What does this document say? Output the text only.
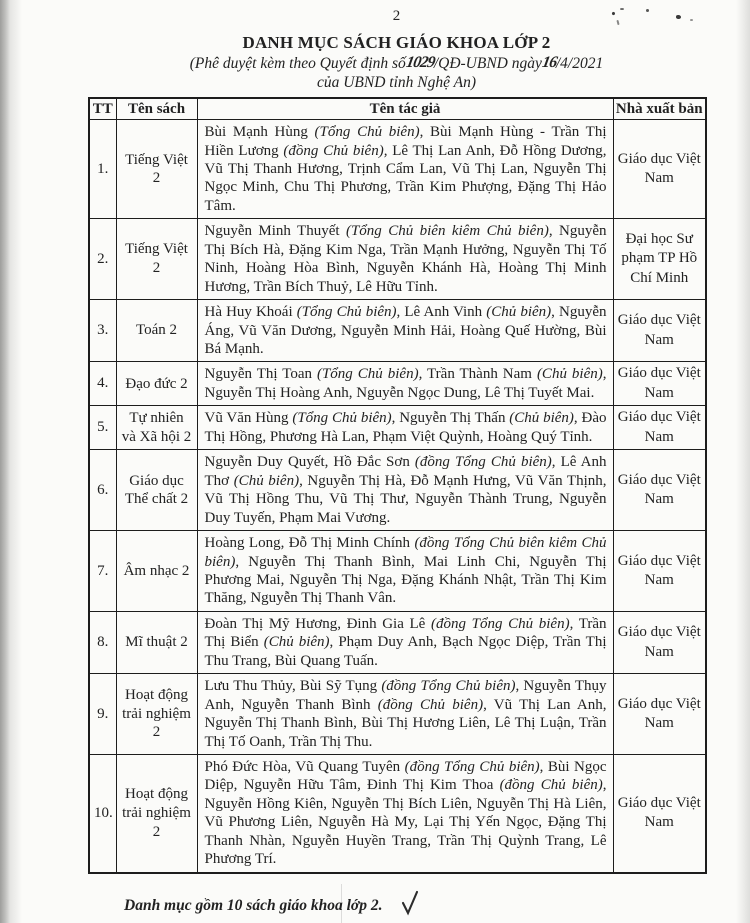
2
DANH MỤC SÁCH GIÁO KHOA LỚP 2
(Phê duyệt kèm theo Quyết định số1029/QĐ-UBND ngày16/4/2021
của UBND tỉnh Nghệ An)
TT	Tên sách	Tên tác giả	Nhà xuất bản
1.	Tiếng Việt 2	Bùi Mạnh Hùng (Tổng Chủ biên), Bùi Mạnh Hùng - Trần Thị Hiền Lương (đồng Chủ biên), Lê Thị Lan Anh, Đỗ Hồng Dương, Vũ Thị Thanh Hương, Trịnh Cẩm Lan, Vũ Thị Lan, Nguyễn Thị Ngọc Minh, Chu Thị Phương, Trần Kim Phượng, Đặng Thị Hảo Tâm.	Giáo dục Việt Nam
2.	Tiếng Việt 2	Nguyễn Minh Thuyết (Tổng Chủ biên kiêm Chủ biên), Nguyễn Thị Bích Hà, Đặng Kim Nga, Trần Mạnh Hưởng, Nguyễn Thị Tố Ninh, Hoàng Hòa Bình, Nguyễn Khánh Hà, Hoàng Thị Minh Hương, Trần Bích Thuỷ, Lê Hữu Tỉnh.	Đại học Sư phạm TP Hồ Chí Minh
3.	Toán 2	Hà Huy Khoái (Tổng Chủ biên), Lê Anh Vinh (Chủ biên), Nguyễn Áng, Vũ Văn Dương, Nguyễn Minh Hải, Hoàng Quế Hường, Bùi Bá Mạnh.	Giáo dục Việt Nam
4.	Đạo đức 2	Nguyễn Thị Toan (Tổng Chủ biên), Trần Thành Nam (Chủ biên), Nguyễn Thị Hoàng Anh, Nguyễn Ngọc Dung, Lê Thị Tuyết Mai.	Giáo dục Việt Nam
5.	Tự nhiên và Xã hội 2	Vũ Văn Hùng (Tổng Chủ biên), Nguyễn Thị Thấn (Chủ biên), Đào Thị Hồng, Phương Hà Lan, Phạm Việt Quỳnh, Hoàng Quý Tỉnh.	Giáo dục Việt Nam
6.	Giáo dục Thể chất 2	Nguyễn Duy Quyết, Hồ Đắc Sơn (đồng Tổng Chủ biên), Lê Anh Thơ (Chủ biên), Nguyễn Thị Hà, Đỗ Mạnh Hưng, Vũ Văn Thịnh, Vũ Thị Hồng Thu, Vũ Thị Thư, Nguyễn Thành Trung, Nguyễn Duy Tuyến, Phạm Mai Vương.	Giáo dục Việt Nam
7.	Âm nhạc 2	Hoàng Long, Đỗ Thị Minh Chính (đồng Tổng Chủ biên kiêm Chủ biên), Nguyễn Thị Thanh Bình, Mai Linh Chi, Nguyễn Thị Phương Mai, Nguyễn Thị Nga, Đặng Khánh Nhật, Trần Thị Kim Thăng, Nguyễn Thị Thanh Vân.	Giáo dục Việt Nam
8.	Mĩ thuật 2	Đoàn Thị Mỹ Hương, Đinh Gia Lê (đồng Tổng Chủ biên), Trần Thị Biển (Chủ biên), Phạm Duy Anh, Bạch Ngọc Diệp, Trần Thị Thu Trang, Bùi Quang Tuấn.	Giáo dục Việt Nam
9.	Hoạt động trải nghiệm 2	Lưu Thu Thủy, Bùi Sỹ Tụng (đồng Tổng Chủ biên), Nguyễn Thụy Anh, Nguyễn Thanh Bình (đồng Chủ biên), Vũ Thị Lan Anh, Nguyễn Thị Thanh Bình, Bùi Thị Hương Liên, Lê Thị Luận, Trần Thị Tố Oanh, Trần Thị Thu.	Giáo dục Việt Nam
10.	Hoạt động trải nghiệm 2	Phó Đức Hòa, Vũ Quang Tuyên (đồng Tổng Chủ biên), Bùi Ngọc Diệp, Nguyễn Hữu Tâm, Đinh Thị Kim Thoa (đồng Chủ biên), Nguyễn Hồng Kiên, Nguyễn Thị Bích Liên, Nguyễn Thị Hà Liên, Vũ Phương Liên, Nguyễn Hà My, Lại Thị Yến Ngọc, Đặng Thị Thanh Nhàn, Nguyễn Huyền Trang, Trần Thị Quỳnh Trang, Lê Phương Trí.	Giáo dục Việt Nam
Danh mục gồm 10 sách giáo khoa lớp 2.
